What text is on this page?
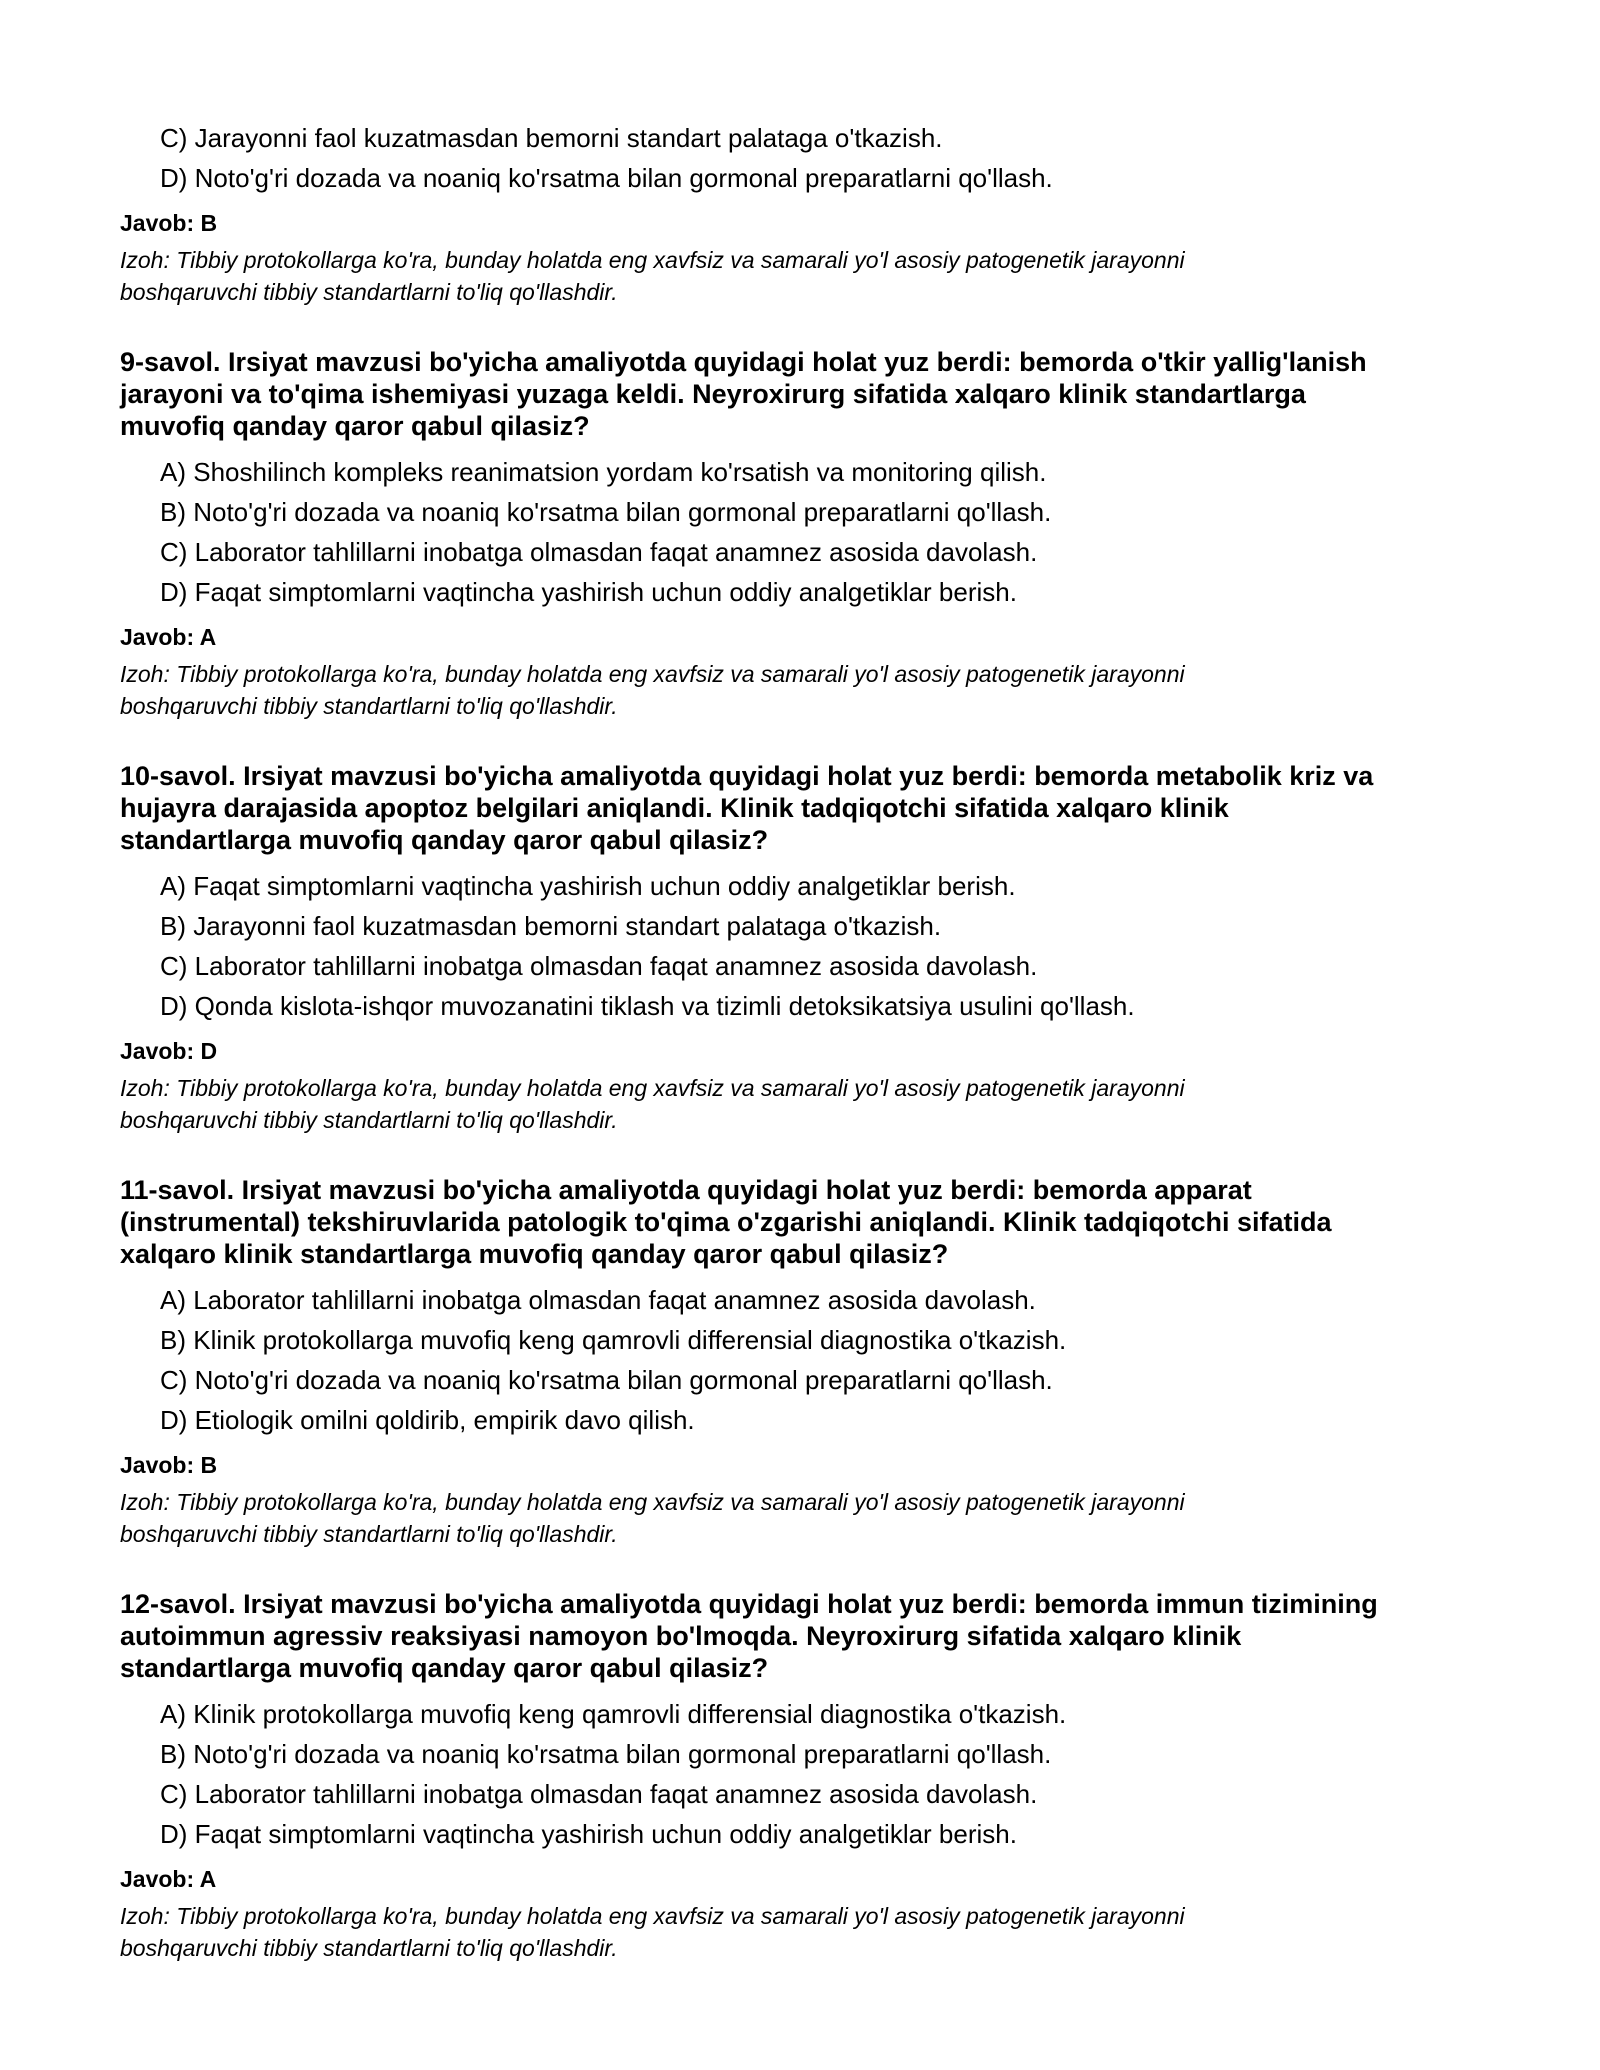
C) Jarayonni faol kuzatmasdan bemorni standart palataga o'tkazish.
D) Noto'g'ri dozada va noaniq ko'rsatma bilan gormonal preparatlarni qo'llash.
Javob: B
Izoh: Tibbiy protokollarga ko'ra, bunday holatda eng xavfsiz va samarali yo'l asosiy patogenetik jarayonni
boshqaruvchi tibbiy standartlarni to'liq qo'llashdir.
9-savol. Irsiyat mavzusi bo'yicha amaliyotda quyidagi holat yuz berdi: bemorda o'tkir yallig'lanish
jarayoni va to'qima ishemiyasi yuzaga keldi. Neyroxirurg sifatida xalqaro klinik standartlarga
muvofiq qanday qaror qabul qilasiz?
A) Shoshilinch kompleks reanimatsion yordam ko'rsatish va monitoring qilish.
B) Noto'g'ri dozada va noaniq ko'rsatma bilan gormonal preparatlarni qo'llash.
C) Laborator tahlillarni inobatga olmasdan faqat anamnez asosida davolash.
D) Faqat simptomlarni vaqtincha yashirish uchun oddiy analgetiklar berish.
Javob: A
Izoh: Tibbiy protokollarga ko'ra, bunday holatda eng xavfsiz va samarali yo'l asosiy patogenetik jarayonni
boshqaruvchi tibbiy standartlarni to'liq qo'llashdir.
10-savol. Irsiyat mavzusi bo'yicha amaliyotda quyidagi holat yuz berdi: bemorda metabolik kriz va
hujayra darajasida apoptoz belgilari aniqlandi. Klinik tadqiqotchi sifatida xalqaro klinik
standartlarga muvofiq qanday qaror qabul qilasiz?
A) Faqat simptomlarni vaqtincha yashirish uchun oddiy analgetiklar berish.
B) Jarayonni faol kuzatmasdan bemorni standart palataga o'tkazish.
C) Laborator tahlillarni inobatga olmasdan faqat anamnez asosida davolash.
D) Qonda kislota-ishqor muvozanatini tiklash va tizimli detoksikatsiya usulini qo'llash.
Javob: D
Izoh: Tibbiy protokollarga ko'ra, bunday holatda eng xavfsiz va samarali yo'l asosiy patogenetik jarayonni
boshqaruvchi tibbiy standartlarni to'liq qo'llashdir.
11-savol. Irsiyat mavzusi bo'yicha amaliyotda quyidagi holat yuz berdi: bemorda apparat
(instrumental) tekshiruvlarida patologik to'qima o'zgarishi aniqlandi. Klinik tadqiqotchi sifatida
xalqaro klinik standartlarga muvofiq qanday qaror qabul qilasiz?
A) Laborator tahlillarni inobatga olmasdan faqat anamnez asosida davolash.
B) Klinik protokollarga muvofiq keng qamrovli differensial diagnostika o'tkazish.
C) Noto'g'ri dozada va noaniq ko'rsatma bilan gormonal preparatlarni qo'llash.
D) Etiologik omilni qoldirib, empirik davo qilish.
Javob: B
Izoh: Tibbiy protokollarga ko'ra, bunday holatda eng xavfsiz va samarali yo'l asosiy patogenetik jarayonni
boshqaruvchi tibbiy standartlarni to'liq qo'llashdir.
12-savol. Irsiyat mavzusi bo'yicha amaliyotda quyidagi holat yuz berdi: bemorda immun tizimining
autoimmun agressiv reaksiyasi namoyon bo'lmoqda. Neyroxirurg sifatida xalqaro klinik
standartlarga muvofiq qanday qaror qabul qilasiz?
A) Klinik protokollarga muvofiq keng qamrovli differensial diagnostika o'tkazish.
B) Noto'g'ri dozada va noaniq ko'rsatma bilan gormonal preparatlarni qo'llash.
C) Laborator tahlillarni inobatga olmasdan faqat anamnez asosida davolash.
D) Faqat simptomlarni vaqtincha yashirish uchun oddiy analgetiklar berish.
Javob: A
Izoh: Tibbiy protokollarga ko'ra, bunday holatda eng xavfsiz va samarali yo'l asosiy patogenetik jarayonni
boshqaruvchi tibbiy standartlarni to'liq qo'llashdir.
